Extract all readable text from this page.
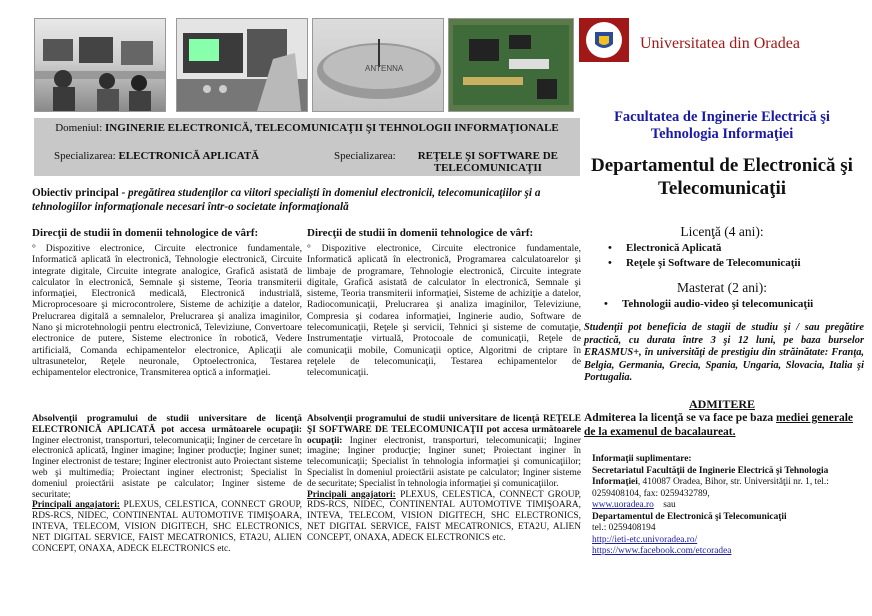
ANTENNA
Universitatea din Oradea
Domeniul: INGINERIE ELECTRONICĂ, TELECOMUNICAŢII ŞI TEHNOLOGII INFORMAŢIONALE
Specializarea: ELECTRONICĂ APLICATĂ	Specializarea:	REŢELE ŞI SOFTWARE DE TELECOMUNICAŢII
Obiectiv principal - pregătirea studenţilor ca viitori specialişti în domeniul electronicii, telecomunicaţiilor şi a tehnologiilor informaţionale necesari într-o societate informaţională
Direcţii de studii în domenii tehnologice de vârf:
° Dispozitive electronice, Circuite electronice fundamentale, Informatică aplicată în electronică, Tehnologie electronică, Circuite integrate digitale, Circuite integrate analogice, Grafică asistată de calculator în electronică, Semnale şi sisteme, Teoria transmiterii informaţiei, Electronică medicală, Electronică industrială, Microprocesoare şi microcontrolere, Sisteme de achiziţie a datelor, Prelucrarea digitală a semnalelor, Prelucrarea şi analiza imaginilor, Nano şi microtehnologii pentru electronică, Televiziune, Convertoare electronice de putere, Sisteme electronice în robotică, Vedere artificială, Comanda echipamentelor electronice, Aplicaţii ale ultrasunetelor, Reţele neuronale, Optoelectronica, Testarea echipamentelor electronice, Transmiterea optică a informaţiei.
Absolvenţii programului de studii universitare de licenţă ELECTRONICĂ APLICATĂ pot accesa următoarele ocupaţii: Inginer electronist, transporturi, telecomunicaţii; Inginer de cercetare în electronică aplicată, Inginer imagine; Inginer producţie; Inginer sunet; Inginer electronist de testare; Inginer electronist auto Proiectant sisteme web şi multimedia; Proiectant inginer electronist; Specialist în domeniul proiectării asistate pe calculator; Inginer sisteme de securitate;
Principali angajatori: PLEXUS, CELESTICA, CONNECT GROUP, RDS-RCS, NIDEC, CONTINENTAL AUTOMOTIVE TIMIŞOARA, INTEVA, TELECOM, VISION DIGITECH, SHC ELECTRONICS, NET DIGITAL SERVICE, FAIST MECATRONICS, ETA2U, ALIEN CONCEPT, ONAXA, ADECK ELECTRONICS etc.
Direcţii de studii în domenii tehnologice de vârf:
° Dispozitive electronice, Circuite electronice fundamentale, Informatică aplicată în electronică, Programarea calculatoarelor şi limbaje de programare, Tehnologie electronică, Circuite integrate digitale, Grafică asistată de calculator în electronică, Semnale şi sisteme, Teoria transmiterii informaţiei, Sisteme de achiziţie a datelor, Radiocomunicaţii, Prelucrarea şi analiza imaginilor, Televiziune, Compresia şi codarea informaţiei, Inginerie audio, Software de telecomunicaţii, Reţele şi servicii, Tehnici şi sisteme de comutaţie, Instrumentaţie virtuală, Protocoale de comunicaţii, Reţele de comunicaţii mobile, Comunicaţii optice, Algoritmi de criptare în reţelele de telecomunicaţii, Testarea echipamentelor de telecomunicaţii.
Absolvenţii programului de studii universitare de licenţă REŢELE ŞI SOFTWARE DE TELECOMUNICAŢII pot accesa următoarele ocupaţii: Inginer electronist, transporturi, telecomunicaţii; Inginer imagine; Inginer producţie; Inginer sunet; Proiectant inginer în telecomunicaţii; Specialist în tehnologia informaţiei şi comunicaţiilor; Specialist în domeniul proiectării asistate pe calculator; Inginer sisteme de securitate; Specialist în tehnologia informaţiei şi comunicaţiilor.
Principali angajatori: PLEXUS, CELESTICA, CONNECT GROUP, RDS-RCS, NIDEC, CONTINENTAL AUTOMOTIVE TIMIŞOARA, INTEVA, TELECOM, VISION DIGITECH, SHC ELECTRONICS, NET DIGITAL SERVICE, FAIST MECATRONICS, ETA2U, ALIEN CONCEPT, ONAXA, ADECK ELECTRONICS etc.
Facultatea de Inginerie Electrică şi Tehnologia Informaţiei
Departamentul de Electronică şi Telecomunicaţii
Licenţă (4 ani):
• Electronică Aplicată
• Reţele şi Software de Telecomunicaţii
Masterat (2 ani):
• Tehnologii audio-video şi telecomunicaţii
Studenţii pot beneficia de stagii de studiu şi / sau pregătire practică, cu durata între 3 şi 12 luni, pe baza burselor ERASMUS+, în universităţi de prestigiu din străinătate: Franţa, Belgia, Germania, Grecia, Spania, Ungaria, Slovacia, Italia şi Portugalia.
ADMITERE
Admiterea la licenţă se va face pe baza mediei generale de la examenul de bacalaureat.
Informaţii suplimentare:
Secretariatul Facultăţii de Inginerie Electrică şi Tehnologia Informaţiei, 410087 Oradea, Bihor, str. Universităţii nr. 1, tel.: 0259408104, fax: 0259432789,
www.uoradea.ro sau
Departamentul de Electronică şi Telecomunicaţii
tel.: 0259408194
http://ieti-etc.univoradea.ro/
https://www.facebook.com/etcoradea
